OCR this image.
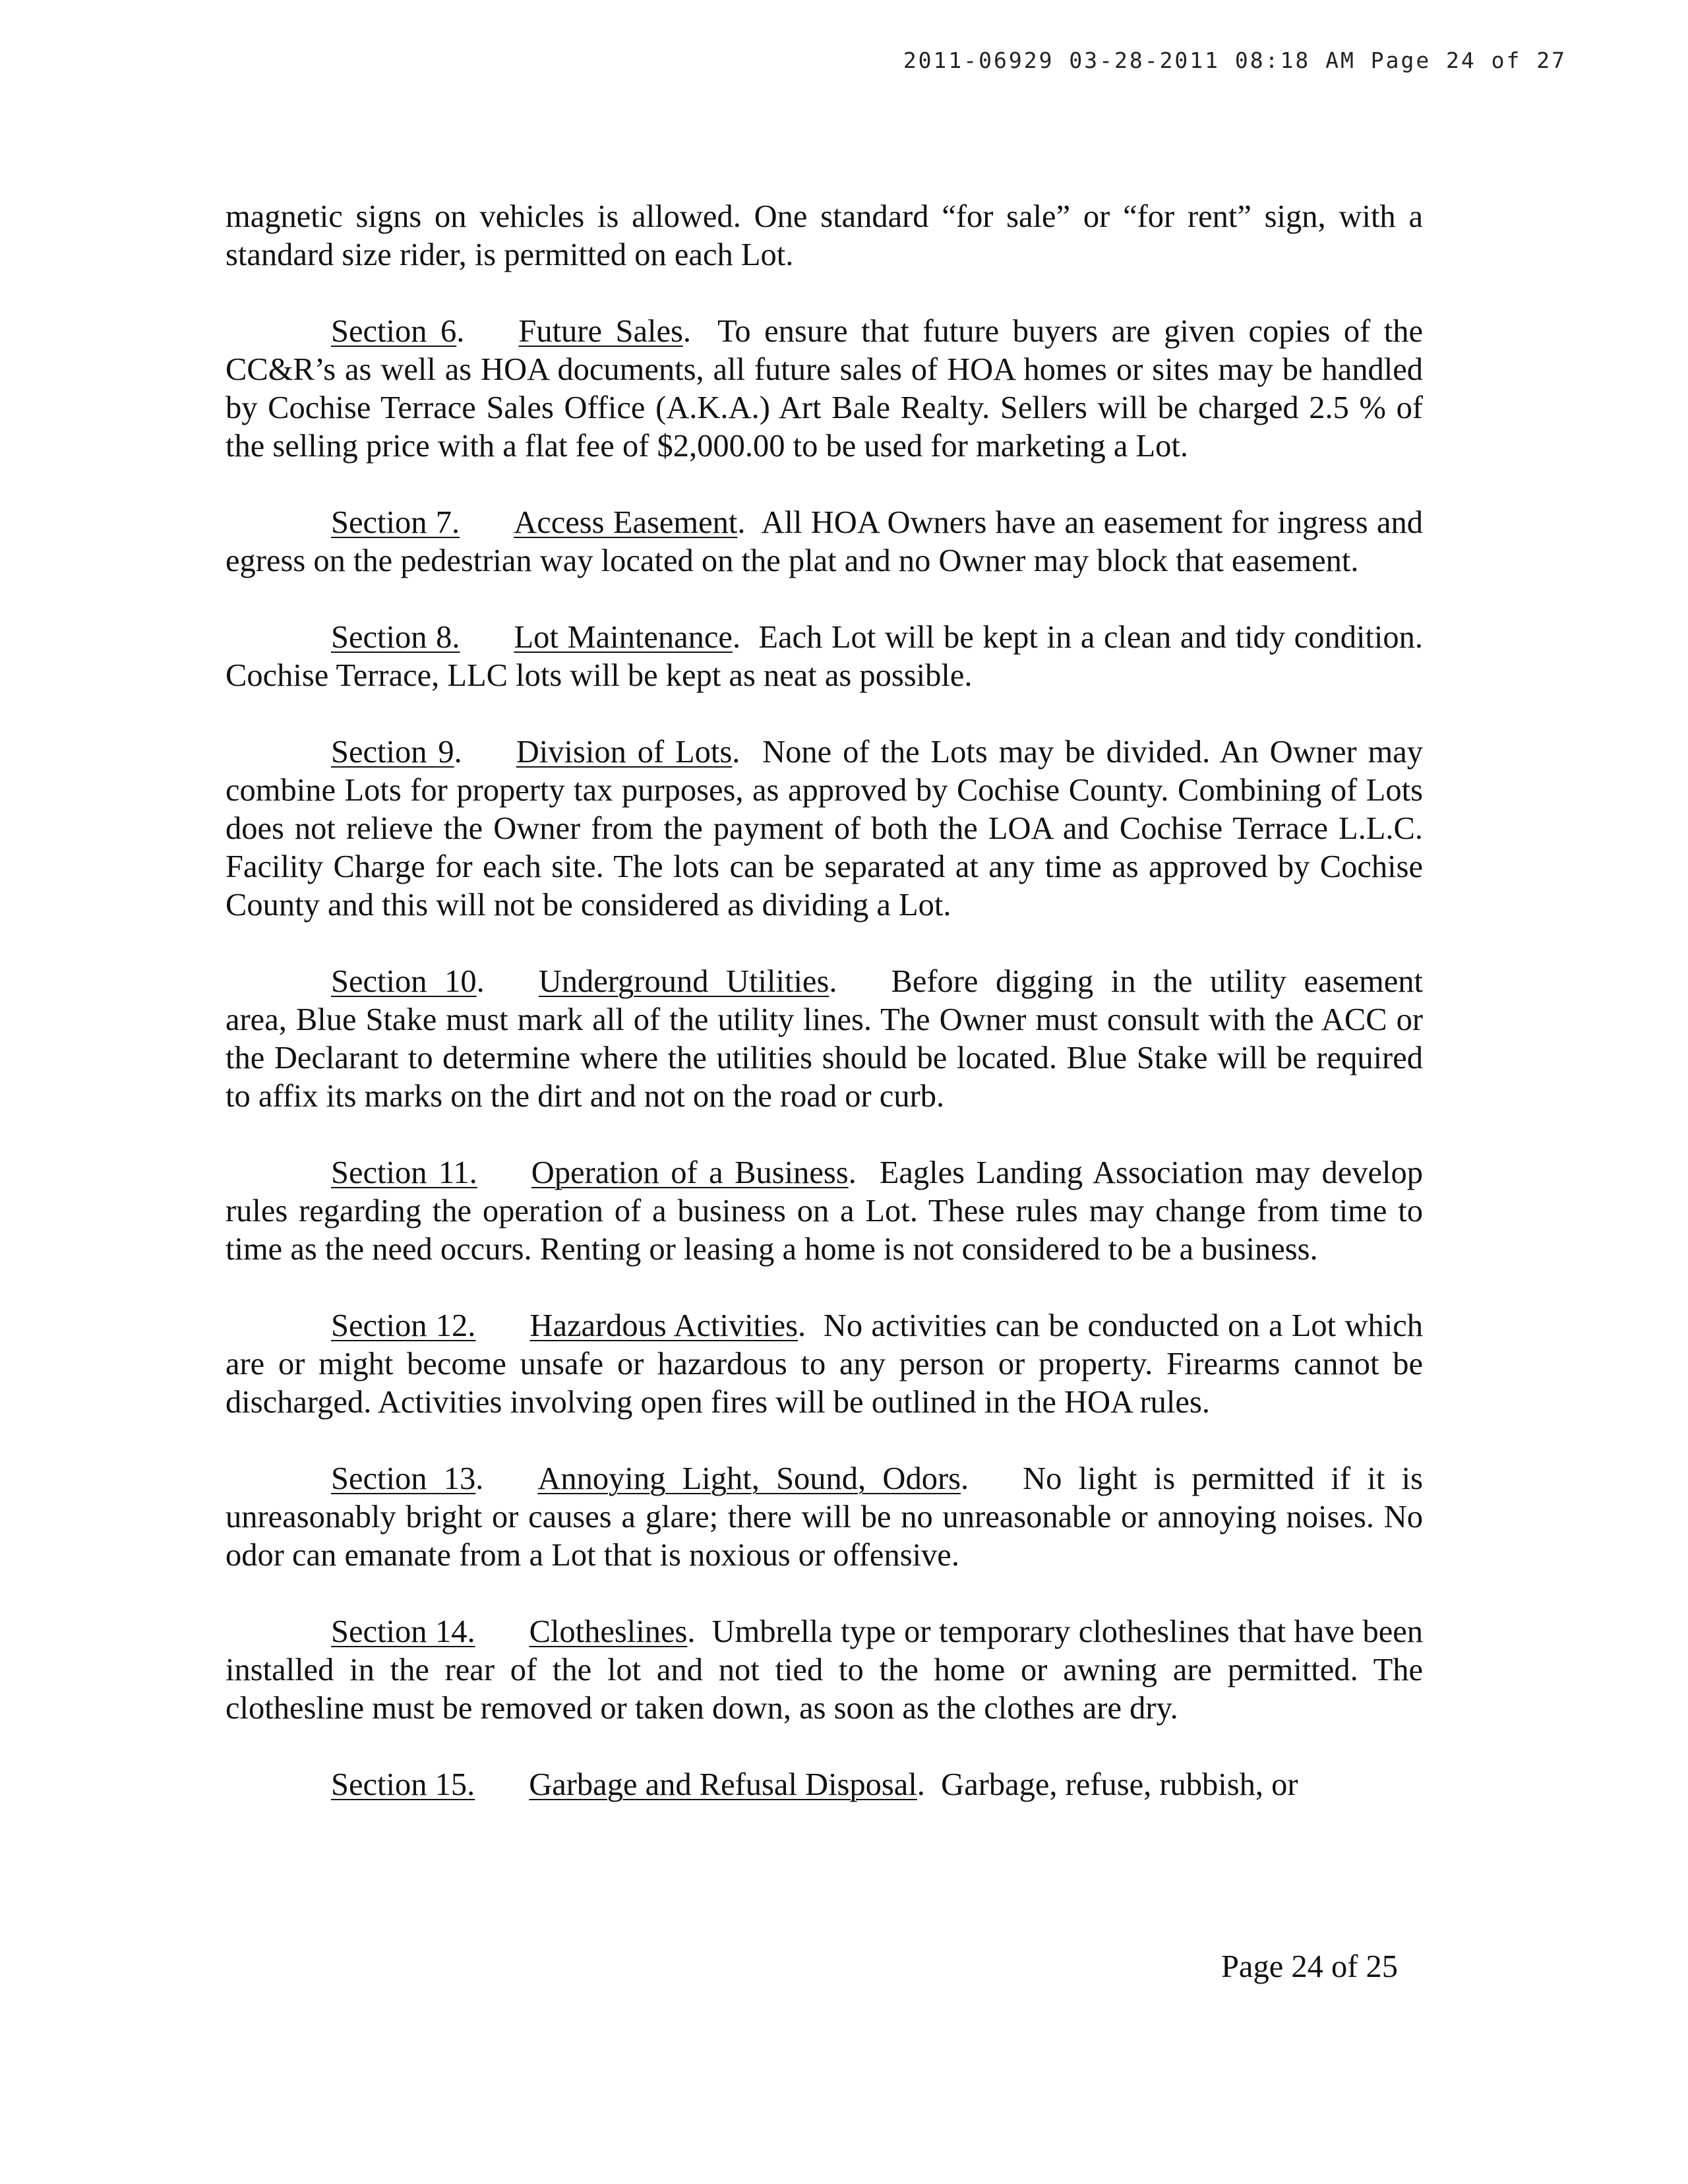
2011-06929 03-28-2011 08:18 AM Page 24 of 27

magnetic signs on vehicles is allowed. One standard “for sale” or “for rent” sign, with a standard size rider, is permitted on each Lot.

Section 6. Future Sales.  To ensure that future buyers are given copies of the CC&R’s as well as HOA documents, all future sales of HOA homes or sites may be handled by Cochise Terrace Sales Office (A.K.A.) Art Bale Realty. Sellers will be charged 2.5 % of the selling price with a flat fee of $2,000.00 to be used for marketing a Lot.

Section 7. Access Easement.  All HOA Owners have an easement for ingress and egress on the pedestrian way located on the plat and no Owner may block that easement.

Section 8. Lot Maintenance.  Each Lot will be kept in a clean and tidy condition. Cochise Terrace, LLC lots will be kept as neat as possible.

Section 9. Division of Lots.  None of the Lots may be divided. An Owner may combine Lots for property tax purposes, as approved by Cochise County. Combining of Lots does not relieve the Owner from the payment of both the LOA and Cochise Terrace L.L.C. Facility Charge for each site. The lots can be separated at any time as approved by Cochise County and this will not be considered as dividing a Lot.

Section 10. Underground Utilities. Before digging in the utility easement area, Blue Stake must mark all of the utility lines. The Owner must consult with the ACC or the Declarant to determine where the utilities should be located. Blue Stake will be required to affix its marks on the dirt and not on the road or curb.

Section 11. Operation of a Business.  Eagles Landing Association may develop rules regarding the operation of a business on a Lot. These rules may change from time to time as the need occurs. Renting or leasing a home is not considered to be a business.

Section 12. Hazardous Activities.  No activities can be conducted on a Lot which are or might become unsafe or hazardous to any person or property. Firearms cannot be discharged. Activities involving open fires will be outlined in the HOA rules.

Section 13. Annoying Light, Sound, Odors. No light is permitted if it is unreasonably bright or causes a glare; there will be no unreasonable or annoying noises. No odor can emanate from a Lot that is noxious or offensive.

Section 14. Clotheslines.  Umbrella type or temporary clotheslines that have been installed in the rear of the lot and not tied to the home or awning are permitted. The clothesline must be removed or taken down, as soon as the clothes are dry.

Section 15. Garbage and Refusal Disposal.  Garbage, refuse, rubbish, or

Page 24 of 25
